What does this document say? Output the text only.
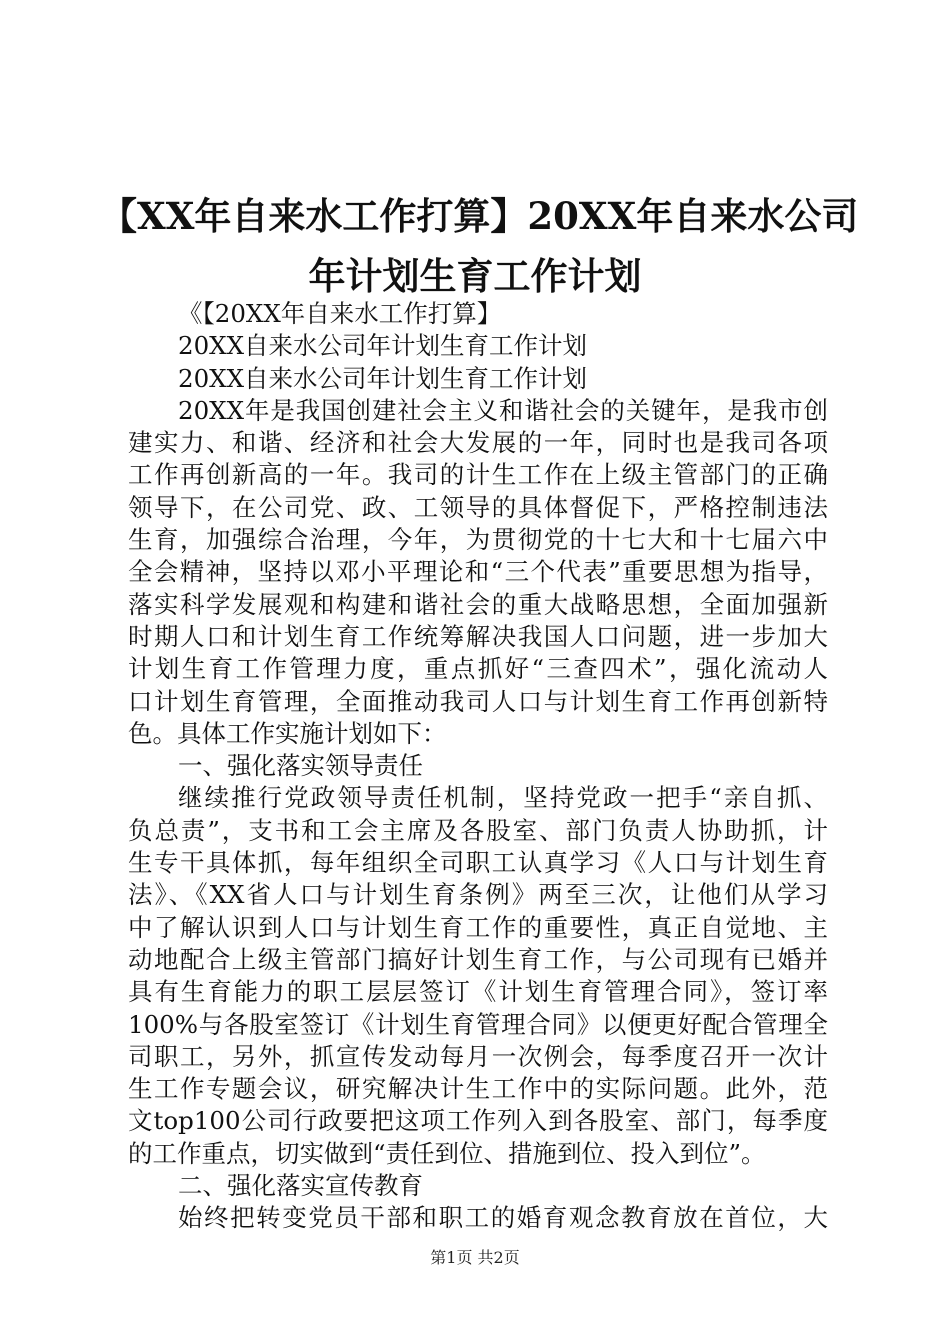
【XX年自来水工作打算】20XX年自来水公司
年计划生育工作计划
《【20XX年自来水工作打算】
20XX自来水公司年计划生育工作计划
20XX自来水公司年计划生育工作计划
20XX年是我国创建社会主义和谐社会的关键年，是我市创
建实力、和谐、经济和社会大发展的一年，同时也是我司各项
工作再创新高的一年。我司的计生工作在上级主管部门的正确
领导下，在公司党、政、工领导的具体督促下，严格控制违法
生育，加强综合治理，今年，为贯彻党的十七大和十七届六中
全会精神，坚持以邓小平理论和“三个代表”重要思想为指导，
落实科学发展观和构建和谐社会的重大战略思想，全面加强新
时期人口和计划生育工作统筹解决我国人口问题，进一步加大
计划生育工作管理力度，重点抓好“三查四术”，强化流动人
口计划生育管理，全面推动我司人口与计划生育工作再创新特
色。具体工作实施计划如下：
一、强化落实领导责任
继续推行党政领导责任机制，坚持党政一把手“亲自抓、
负总责”，支书和工会主席及各股室、部门负责人协助抓，计
生专干具体抓，每年组织全司职工认真学习《人口与计划生育
法》、《XX省人口与计划生育条例》两至三次，让他们从学习
中了解认识到人口与计划生育工作的重要性，真正自觉地、主
动地配合上级主管部门搞好计划生育工作，与公司现有已婚并
具有生育能力的职工层层签订《计划生育管理合同》，签订率
100%与各股室签订《计划生育管理合同》以便更好配合管理全
司职工，另外，抓宣传发动每月一次例会，每季度召开一次计
生工作专题会议，研究解决计生工作中的实际问题。此外，范
文top100公司行政要把这项工作列入到各股室、部门，每季度
的工作重点，切实做到“责任到位、措施到位、投入到位”。
二、强化落实宣传教育
始终把转变党员干部和职工的婚育观念教育放在首位，大
第1页 共2页
